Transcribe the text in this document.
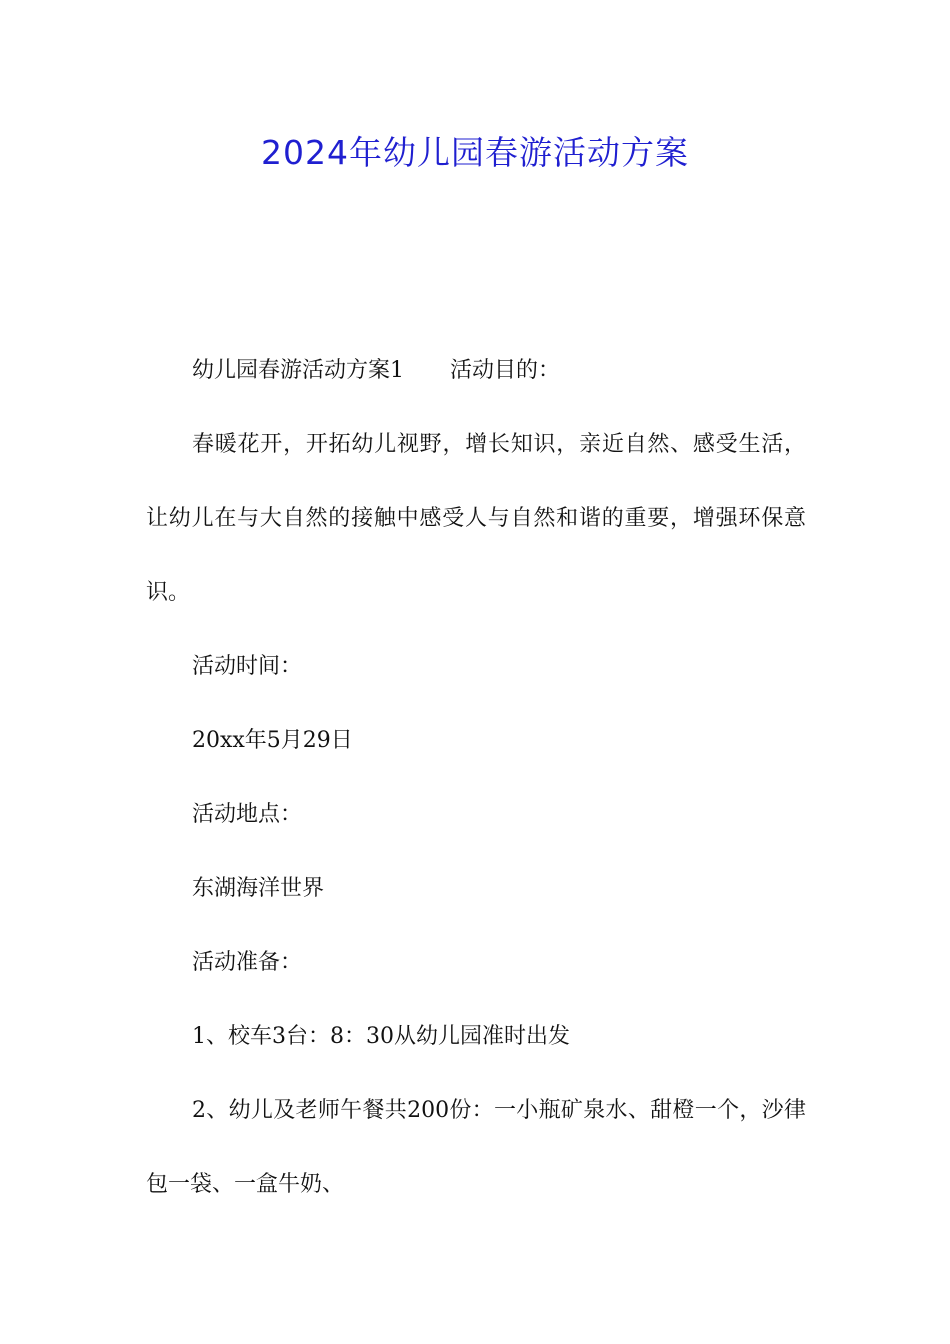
2024年幼儿园春游活动方案

幼儿园春游活动方案1 活动目的：

春暖花开，开拓幼儿视野，增长知识，亲近自然、感受生活，让幼儿在与大自然的接触中感受人与自然和谐的重要，增强环保意识。

活动时间：

20xx年5月29日

活动地点：

东湖海洋世界

活动准备：

1、校车3台：8：30从幼儿园准时出发

2、幼儿及老师午餐共200份：一小瓶矿泉水、甜橙一个，沙律包一袋、一盒牛奶、
